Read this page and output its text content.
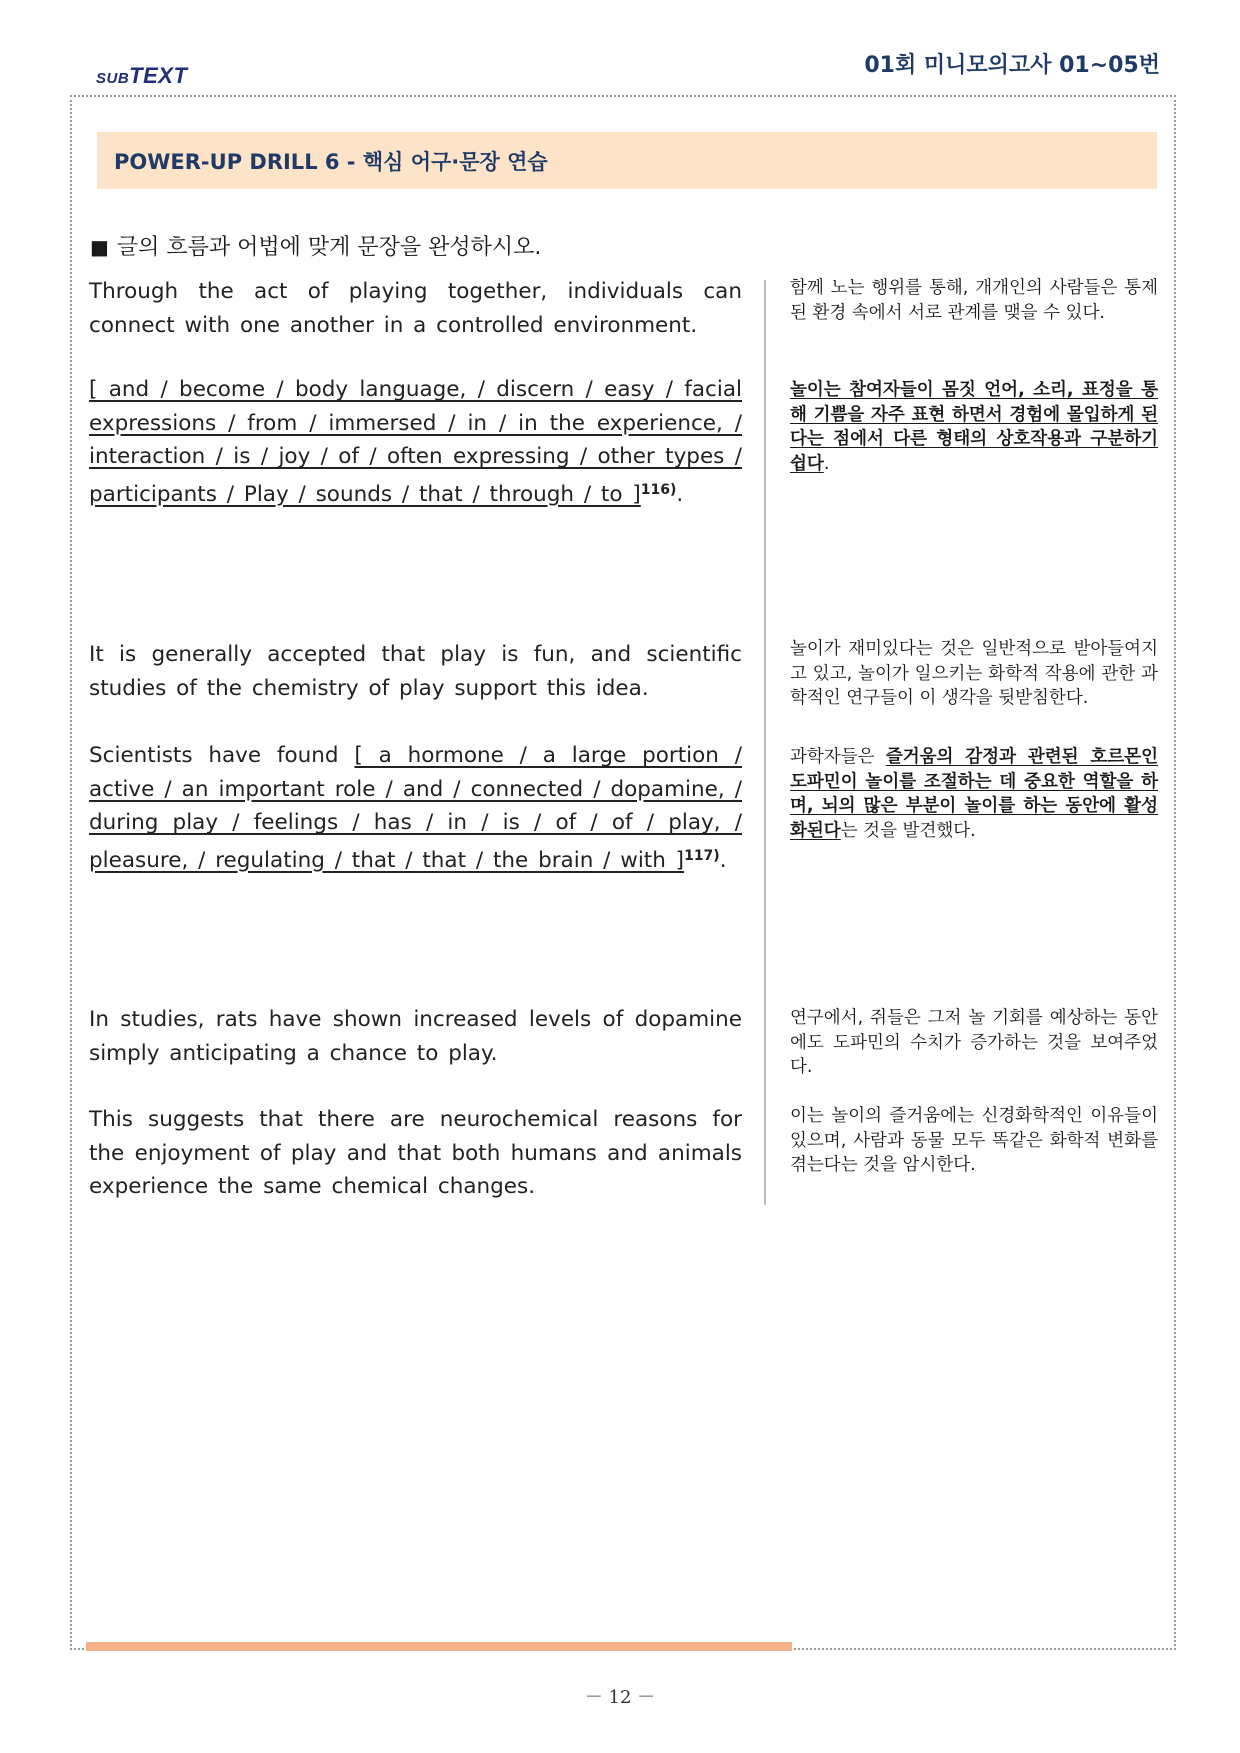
SUBTEXT	01회 미니모의고사 01~05번
POWER-UP DRILL 6 - 핵심 어구·문장 연습
■ 글의 흐름과 어법에 맞게 문장을 완성하시오.
Through the act of playing together, individuals can connect with one another in a controlled environment.
함께 노는 행위를 통해, 개개인의 사람들은 통제된 환경 속에서 서로 관계를 맺을 수 있다.
[ and / become / body language, / discern / easy / facial expressions / from / immersed / in / in the experience, / interaction / is / joy / of / often expressing / other types / participants / Play / sounds / that / through / to ]$^{116)}$.
놀이는 참여자들이 몸짓 언어, 소리, 표정을 통해 기쁨을 자주 표현 하면서 경험에 몰입하게 된다는 점에서 다른 형태의 상호작용과 구분하기 쉽다.
It is generally accepted that play is fun, and scientific studies of the chemistry of play support this idea.
놀이가 재미있다는 것은 일반적으로 받아들여지고 있고, 놀이가 일으키는 화학적 작용에 관한 과학적인 연구들이 이 생각을 뒷받침한다.
Scientists have found [ a hormone / a large portion / active / an important role / and / connected / dopamine, / during play / feelings / has / in / is / of / of / play, / pleasure, / regulating / that / that / the brain / with ]$^{117)}$.
과학자들은 즐거움의 감정과 관련된 호르몬인 도파민이 놀이를 조절하는 데 중요한 역할을 하며, 뇌의 많은 부분이 놀이를 하는 동안에 활성화된다는 것을 발견했다.
In studies, rats have shown increased levels of dopamine simply anticipating a chance to play.
연구에서, 쥐들은 그저 놀 기회를 예상하는 동안에도 도파민의 수치가 증가하는 것을 보여주었다.
This suggests that there are neurochemical reasons for the enjoyment of play and that both humans and animals experience the same chemical changes.
이는 놀이의 즐거움에는 신경화학적인 이유들이 있으며, 사람과 동물 모두 똑같은 화학적 변화를 겪는다는 것을 암시한다.
－ 12 －
